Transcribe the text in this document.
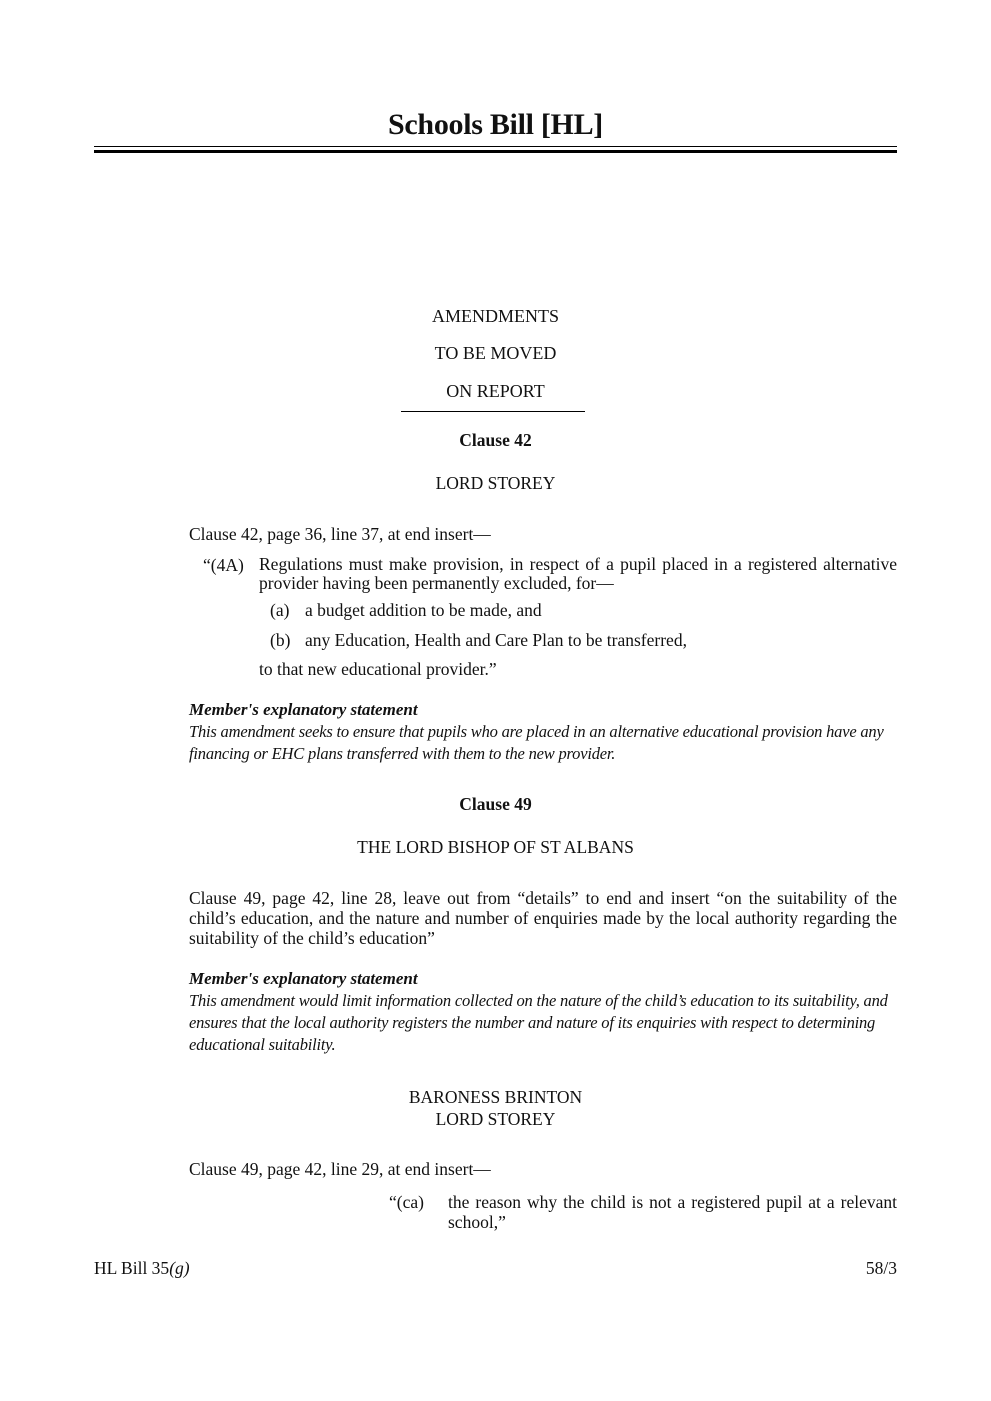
Schools Bill [HL]
AMENDMENTS
TO BE MOVED
ON REPORT
Clause 42
LORD STOREY
Clause 42, page 36, line 37, at end insert—
“(4A) Regulations must make provision, in respect of a pupil placed in a registered alternative provider having been permanently excluded, for—
(a) a budget addition to be made, and
(b) any Education, Health and Care Plan to be transferred,
to that new educational provider.”
Member's explanatory statement
This amendment seeks to ensure that pupils who are placed in an alternative educational provision have any financing or EHC plans transferred with them to the new provider.
Clause 49
THE LORD BISHOP OF ST ALBANS
Clause 49, page 42, line 28, leave out from “details” to end and insert “on the suitability of the child’s education, and the nature and number of enquiries made by the local authority regarding the suitability of the child’s education”
Member's explanatory statement
This amendment would limit information collected on the nature of the child’s education to its suitability, and ensures that the local authority registers the number and nature of its enquiries with respect to determining educational suitability.
BARONESS BRINTON
LORD STOREY
Clause 49, page 42, line 29, at end insert—
“(ca) the reason why the child is not a registered pupil at a relevant school,”
HL Bill 35(g)	58/3
